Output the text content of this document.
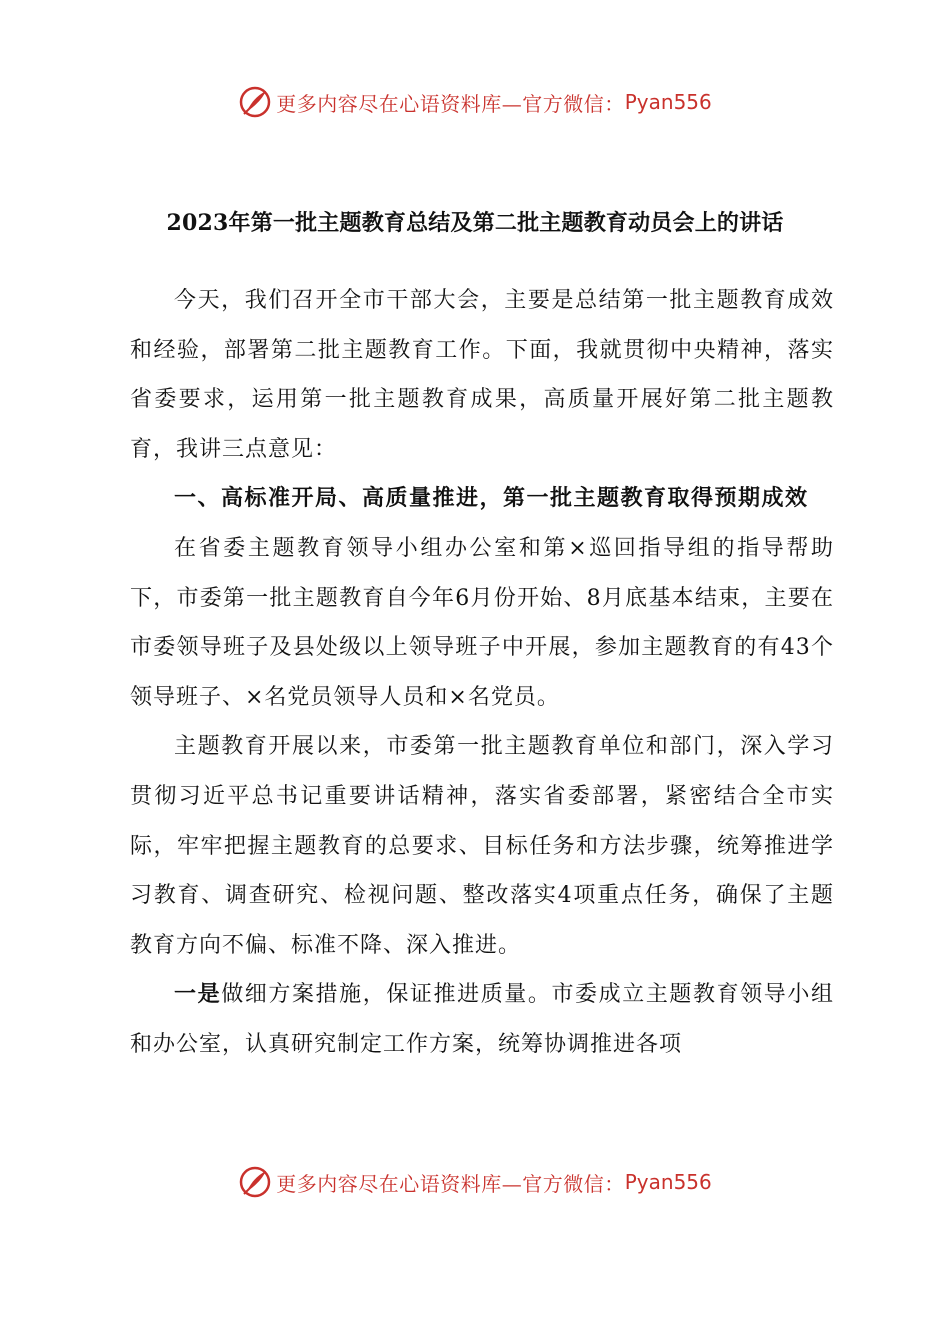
更多内容尽在心语资料库—官方微信： Pyan556
2023年第一批主题教育总结及第二批主题教育动员会上的讲话

今天，我们召开全市干部大会，主要是总结第一批主题教育成效和经验，部署第二批主题教育工作。下面，我就贯彻中央精神，落实省委要求，运用第一批主题教育成果，高质量开展好第二批主题教育，我讲三点意见：

一、高标准开局、高质量推进，第一批主题教育取得预期成效

在省委主题教育领导小组办公室和第×巡回指导组的指导帮助下，市委第一批主题教育自今年6月份开始、8月底基本结束，主要在市委领导班子及县处级以上领导班子中开展，参加主题教育的有43个领导班子、×名党员领导人员和×名党员。

主题教育开展以来，市委第一批主题教育单位和部门，深入学习贯彻习近平总书记重要讲话精神，落实省委部署，紧密结合全市实际，牢牢把握主题教育的总要求、目标任务和方法步骤，统筹推进学习教育、调查研究、检视问题、整改落实4项重点任务，确保了主题教育方向不偏、标准不降、深入推进。

一是做细方案措施，保证推进质量。市委成立主题教育领导小组和办公室，认真研究制定工作方案，统筹协调推进各项

更多内容尽在心语资料库—官方微信： Pyan556
